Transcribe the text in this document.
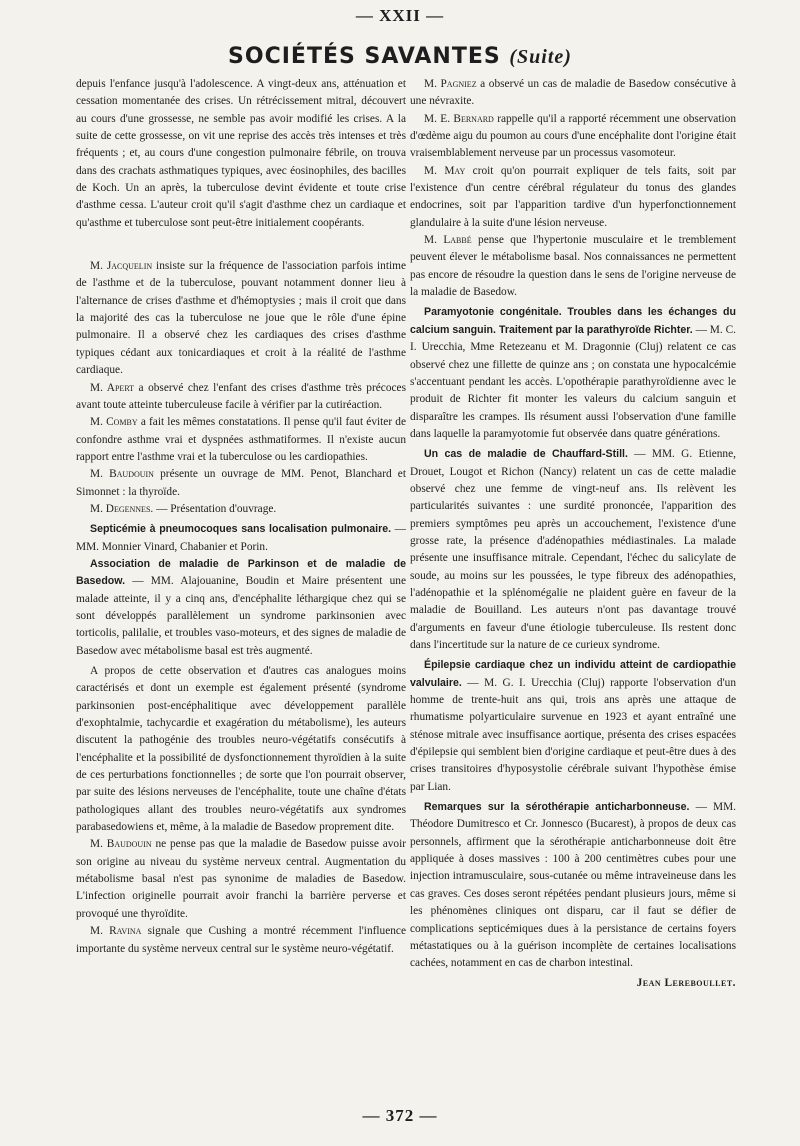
— XXII —
SOCIÉTÉS SAVANTES (Suite)

depuis l'enfance jusqu'à l'adolescence. A vingt-deux ans, atténuation et cessation momentanée des crises. Un rétrécissement mitral, découvert au cours d'une grossesse, ne semble pas avoir modifié les crises. A la suite de cette grossesse, on vit une reprise des accès très intenses et très fréquents ; et, au cours d'une congestion pulmonaire fébrile, on trouva dans des crachats asthmatiques typiques, avec éosinophiles, des bacilles de Koch. Un an après, la tuberculose devint évidente et toute crise d'asthme cessa. L'auteur croit qu'il s'agit d'asthme chez un cardiaque et qu'asthme et tuberculose sont peut-être initialement coopérants.

M. Jacquelin insiste sur la fréquence de l'association parfois intime de l'asthme et de la tuberculose, pouvant notamment donner lieu à l'alternance de crises d'asthme et d'hémoptysies ; mais il croit que dans la majorité des cas la tuberculose ne joue que le rôle d'une épine pulmonaire. Il a observé chez les cardiaques des crises d'asthme typiques cédant aux tonicardiaques et croit à la réalité de l'asthme cardiaque.

M. Apert a observé chez l'enfant des crises d'asthme très précoces avant toute atteinte tuberculeuse facile à vérifier par la cutiréaction.

M. Comby a fait les mêmes constatations. Il pense qu'il faut éviter de confondre asthme vrai et dyspnées asthmatiformes. Il n'existe aucun rapport entre l'asthme vrai et la tuberculose ou les cardiopathies.

M. Baudouin présente un ouvrage de MM. Penot, Blanchard et Simonnet : la thyroïde.

M. Degennes. — Présentation d'ouvrage.

Septicémie à pneumocoques sans localisation pulmonaire. — MM. Monnier Vinard, Chabanier et Porin.

Association de maladie de Parkinson et de maladie de Basedow. — MM. Alajouanine, Boudin et Maire présentent une malade atteinte, il y a cinq ans, d'encéphalite léthargique chez qui se sont développés parallèlement un syndrome parkinsonien avec torticolis, palilalie, et troubles vaso-moteurs, et des signes de maladie de Basedow avec métabolisme basal est très augmenté.

A propos de cette observation et d'autres cas analogues moins caractérisés et dont un exemple est également présenté (syndrome parkinsonien post-encéphalitique avec développement parallèle d'exophtalmie, tachycardie et exagération du métabolisme), les auteurs discutent la pathogénie des troubles neuro-végétatifs consécutifs à l'encéphalite et la possibilité de dysfonctionnement thyroïdien à la suite de ces perturbations fonctionnelles ; de sorte que l'on pourrait observer, par suite des lésions nerveuses de l'encéphalite, toute une chaîne d'états pathologiques allant des troubles neuro-végétatifs aux syndromes parabasedowiens et, même, à la maladie de Basedow proprement dite.

M. Baudouin ne pense pas que la maladie de Basedow puisse avoir son origine au niveau du système nerveux central. Augmentation du métabolisme basal n'est pas synonime de maladies de Basedow. L'infection originelle pourrait avoir franchi la barrière perverse et provoqué une thyroïdite.

M. Ravina signale que Cushing a montré récemment l'influence importante du système nerveux central sur le système neuro-végétatif.

M. Pagniez a observé un cas de maladie de Basedow consécutive à une névraxite.

M. E. Bernard rappelle qu'il a rapporté récemment une observation d'œdème aigu du poumon au cours d'une encéphalite dont l'origine était vraisemblablement nerveuse par un processus vasomoteur.

M. May croit qu'on pourrait expliquer de tels faits, soit par l'existence d'un centre cérébral régulateur du tonus des glandes endocrines, soit par l'apparition tardive d'un hyperfonctionnement glandulaire à la suite d'une lésion nerveuse.

M. Labbé pense que l'hypertonie musculaire et le tremblement peuvent élever le métabolisme basal. Nos connaissances ne permettent pas encore de résoudre la question dans le sens de l'origine nerveuse de la maladie de Basedow.

Paramyotonie congénitale. Troubles dans les échanges du calcium sanguin. Traitement par la parathyroïde Richter. — M. C. I. Urecchia, Mme Retezeanu et M. Dragonnie (Cluj) relatent ce cas observé chez une fillette de quinze ans ; on constata une hypocalcémie s'accentuant pendant les accès. L'opothérapie parathyroïdienne avec le produit de Richter fit monter les valeurs du calcium sanguin et disparaître les crampes. Ils résument aussi l'observation d'une famille dans laquelle la paramyotomie fut observée dans quatre générations.

Un cas de maladie de Chauffard-Still. — MM. G. Etienne, Drouet, Lougot et Richon (Nancy) relatent un cas de cette maladie observé chez une femme de vingt-neuf ans. Ils relèvent les particularités suivantes : une surdité prononcée, l'apparition des premiers symptômes peu après un accouchement, l'existence d'une grosse rate, la présence d'adénopathies médiastinales. La malade présente une insuffisance mitrale. Cependant, l'échec du salicylate de soude, au moins sur les poussées, le type fibreux des adénopathies, l'adénopathie et la splénomégalie ne plaident guère en faveur de la maladie de Bouilland. Les auteurs n'ont pas davantage trouvé d'arguments en faveur d'une étiologie tuberculeuse. Ils restent donc dans l'incertitude sur la nature de ce curieux syndrome.

Épilepsie cardiaque chez un individu atteint de cardiopathie valvulaire. — M. G. I. Urecchia (Cluj) rapporte l'observation d'un homme de trente-huit ans qui, trois ans après une attaque de rhumatisme polyarticulaire survenue en 1923 et ayant entraîné une sténose mitrale avec insuffisance aortique, présenta des crises espacées d'épilepsie qui semblent bien d'origine cardiaque et peut-être dues à des crises transitoires d'hyposystolie cérébrale suivant l'hypothèse émise par Lian.

Remarques sur la sérothérapie anticharbonneuse. — MM. Théodore Dumitresco et Cr. Jonnesco (Bucarest), à propos de deux cas personnels, affirment que la sérothérapie anticharbonneuse doit être appliquée à doses massives : 100 à 200 centimètres cubes pour une injection intramusculaire, sous-cutanée ou même intraveineuse dans les cas graves. Ces doses seront répétées pendant plusieurs jours, même si les phénomènes cliniques ont disparu, car il faut se défier de complications septicémiques dues à la persistance de certains foyers métastatiques ou à la guérison incomplète de certaines localisations cachées, notamment en cas de charbon intestinal.

Jean Lereboullet.
— 372 —
